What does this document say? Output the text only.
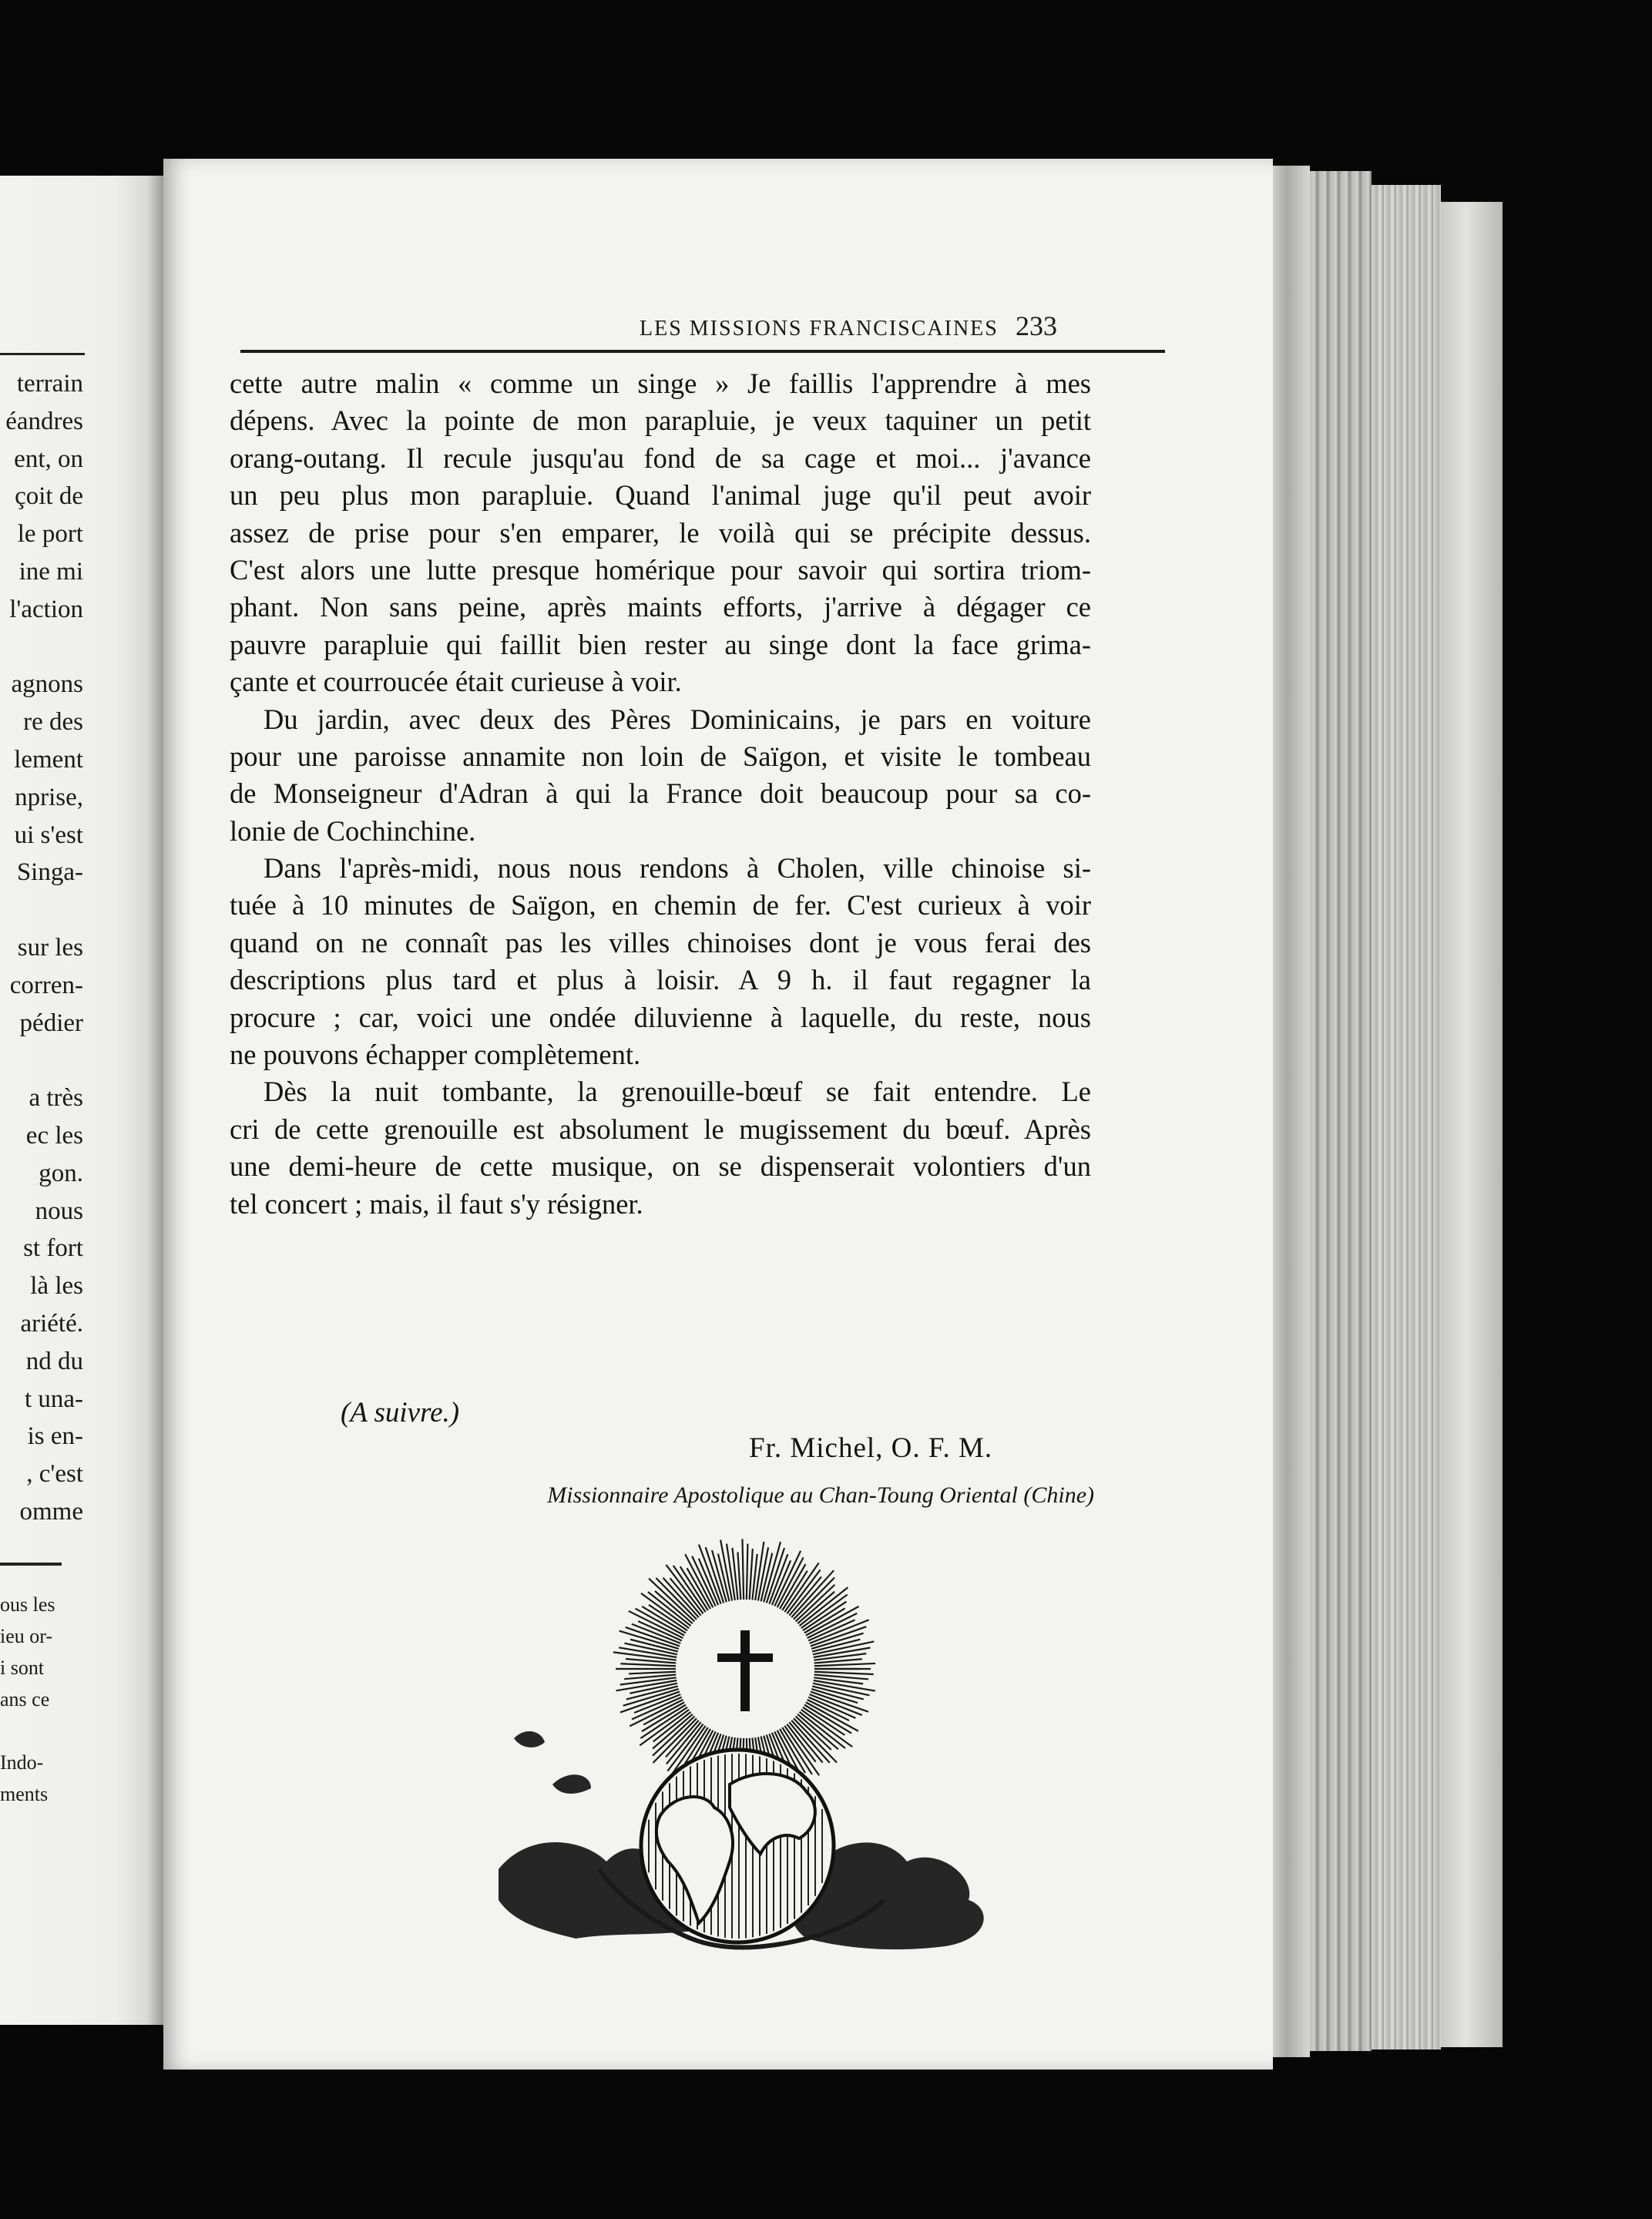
LES MISSIONS FRANCISCAINES 233
cette autre malin « comme un singe » Je faillis l'apprendre à mes
dépens. Avec la pointe de mon parapluie, je veux taquiner un petit
orang-outang. Il recule jusqu'au fond de sa cage et moi... j'avance
un peu plus mon parapluie. Quand l'animal juge qu'il peut avoir
assez de prise pour s'en emparer, le voilà qui se précipite dessus.
C'est alors une lutte presque homérique pour savoir qui sortira triom-
phant. Non sans peine, après maints efforts, j'arrive à dégager ce
pauvre parapluie qui faillit bien rester au singe dont la face grima-
çante et courroucée était curieuse à voir.
Du jardin, avec deux des Pères Dominicains, je pars en voiture
pour une paroisse annamite non loin de Saïgon, et visite le tombeau
de Monseigneur d'Adran à qui la France doit beaucoup pour sa co-
lonie de Cochinchine.
Dans l'après-midi, nous nous rendons à Cholen, ville chinoise si-
tuée à 10 minutes de Saïgon, en chemin de fer. C'est curieux à voir
quand on ne connaît pas les villes chinoises dont je vous ferai des
descriptions plus tard et plus à loisir. A 9 h. il faut regagner la
procure ; car, voici une ondée diluvienne à laquelle, du reste, nous
ne pouvons échapper complètement.
Dès la nuit tombante, la grenouille-bœuf se fait entendre. Le
cri de cette grenouille est absolument le mugissement du bœuf. Après
une demi-heure de cette musique, on se dispenserait volontiers d'un
tel concert ; mais, il faut s'y résigner.
(A suivre.)
Fr. Michel, O. F. M.
Missionnaire Apostolique au Chan-Toung Oriental (Chine)
terrain
éandres
ent, on
çoit de
le port
ine mi
l'action
agnons
re des
lement
nprise,
ui s'est
Singa-
sur les
corren-
pédier
a très
ec les
gon.
nous
st fort
là les
ariété.
nd du
t una-
is en-
, c'est
omme
ous les
ieu or-
i sont
ans ce
Indo-
ments
